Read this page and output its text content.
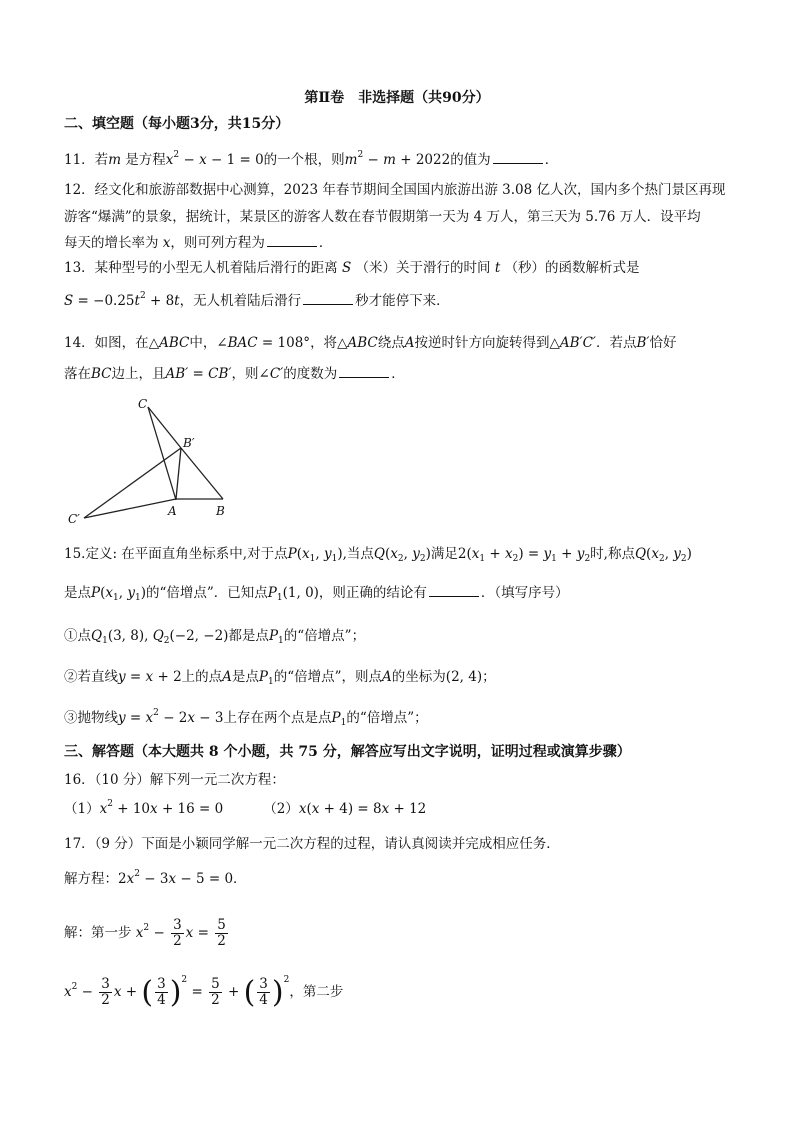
第Ⅱ卷　非选择题（共90分）
二、填空题（每小题3分，共15分）
11．若m 是方程$x^2 - x - 1 = 0$的一个根，则$m^2 - m + 2022$的值为	．
12．经文化和旅游部数据中心测算，2023 年春节期间全国国内旅游出游 3.08 亿人次，国内多个热门景区再现
游客“爆满”的景象，据统计，某景区的游客人数在春节假期第一天为 4 万人，第三天为 5.76 万人．设平均
每天的增长率为 x，则可列方程为	．
13．某种型号的小型无人机着陆后滑行的距离 S （米）关于滑行的时间 t （秒）的函数解析式是
$S = -0.25t^2 + 8t$，无人机着陆后滑行	秒才能停下来．
14．如图，在△ABC中，∠BAC = 108°，将△ABC绕点A按逆时针方向旋转得到△AB′C′．若点B′恰好
落在BC边上，且AB′ = CB′，则∠C′的度数为	．
C
B′
C′
A	B
15.定义: 在平面直角坐标系中,对于点$P(x_1$, $y_1$),当点$Q(x_2$, $y_2$)满足$2(x_1 + x_2) = y_1 + y_2$时,称点$Q(x_2$, $y_2$)
是点$P(x_1$, $y_1$)的“倍增点”．已知点$P_1(1$, 0)，则正确的结论有	．（填写序号）
①点$Q_1(3$, 8), $Q_2(-2$, −2)都是点$P_1$的“倍增点”；
②若直线y = x + 2上的点A是点$P_1$的“倍增点”，则点A的坐标为(2, 4)；
③抛物线$y = x^2 - 2x - 3$上存在两个点是点$P_1$的“倍增点”；
三、解答题（本大题共 8 个小题，共 75 分，解答应写出文字说明，证明过程或演算步骤）
16．（10 分）解下列一元二次方程：
$(1)x^2 + 10x + 16 = 0$	（2）x(x + 4) = 8x + 12
17．（9 分）下面是小颖同学解一元二次方程的过程，请认真阅读并完成相应任务．
解方程：$2x^2 - 3x - 5 = 0$．
解：第一步 $x^2 - \frac{3}{2}$ $x = \frac{5}{2}$
$x^2 - \frac{3}{2}$ x + ( $\frac{3}{4} )^2 = \frac{5}{2}$ + ( $\frac{3}{4} )^2$，第二步
